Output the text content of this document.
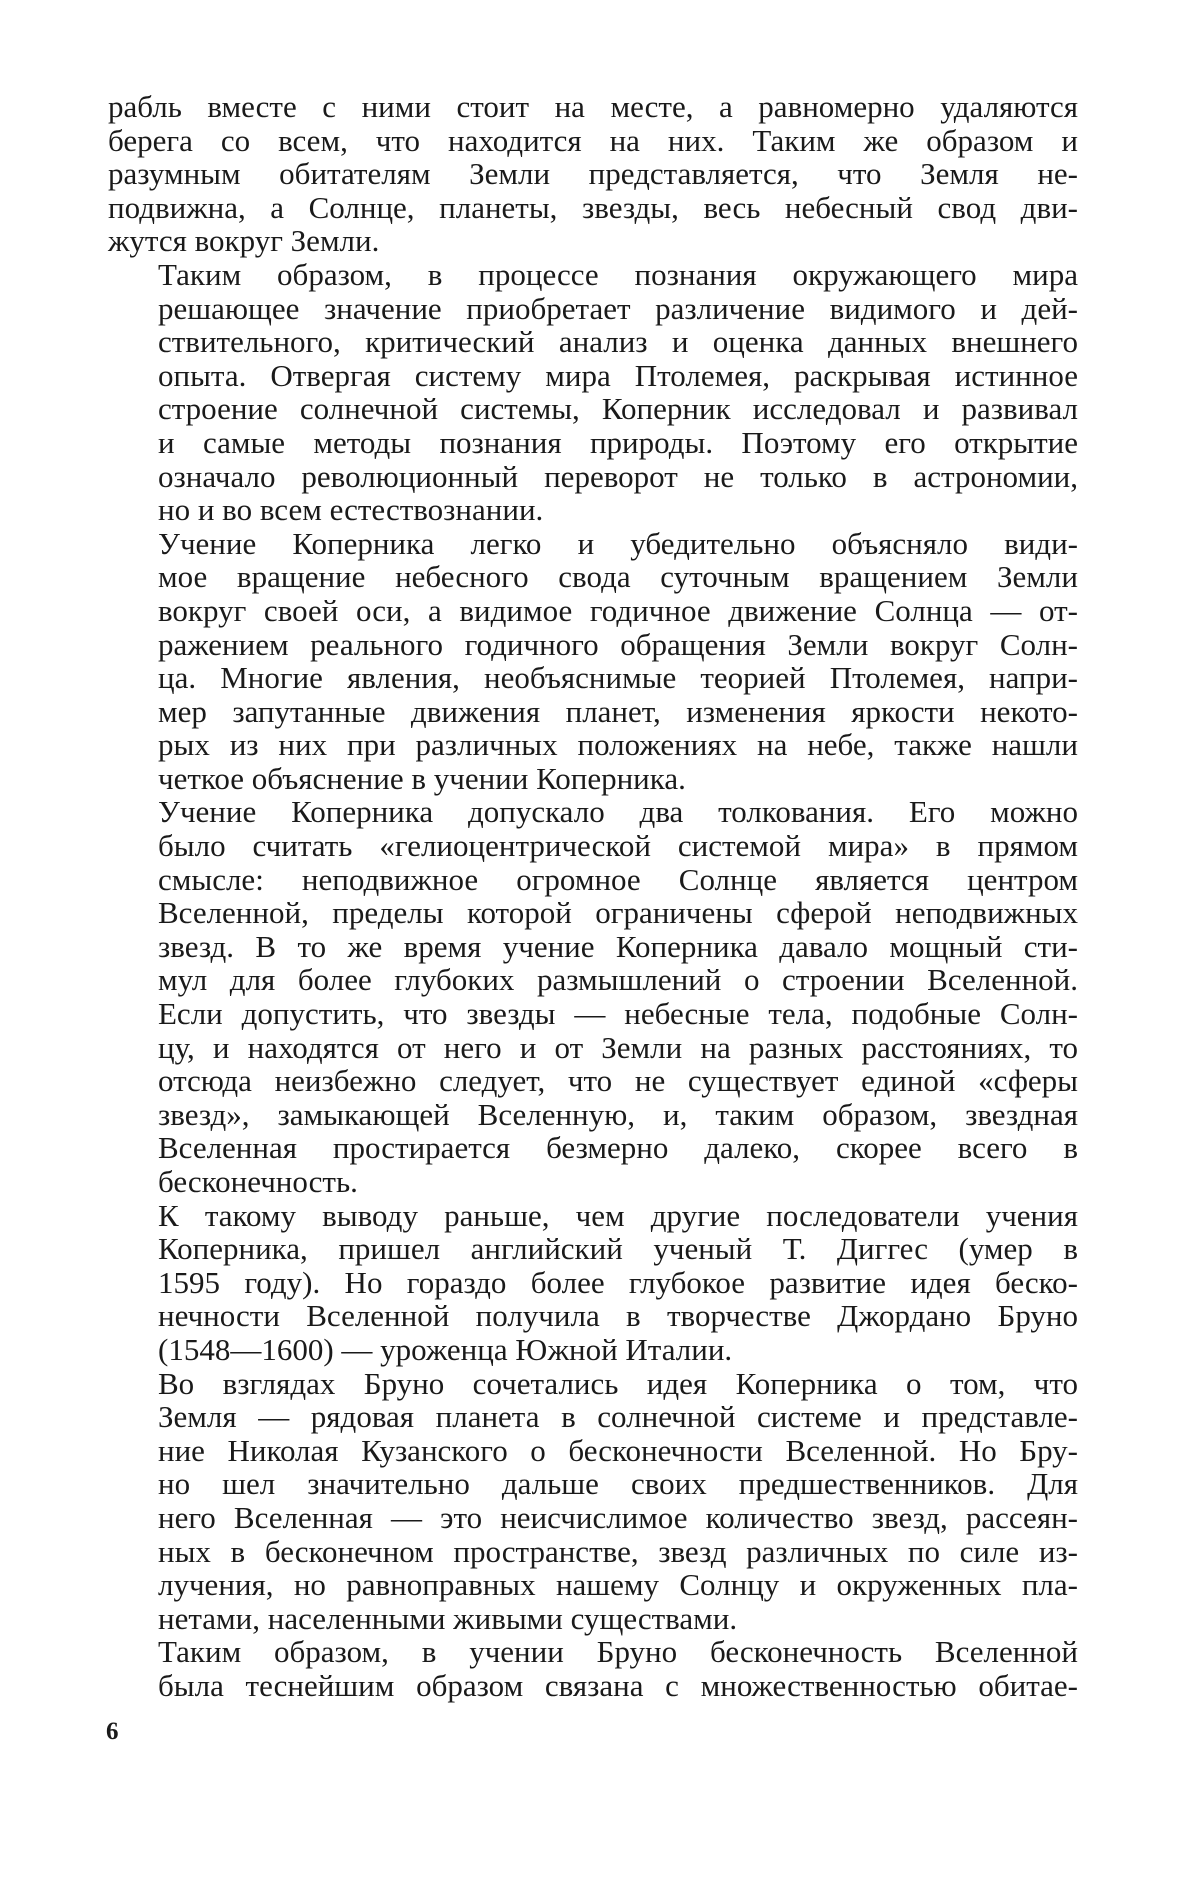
рабль вместе с ними стоит на месте, а равномерно удаляются
берега со всем, что находится на них. Таким же образом и
разумным обитателям Земли представляется, что Земля не-
подвижна, а Солнце, планеты, звезды, весь небесный свод дви-
жутся вокруг Земли.

Таким образом, в процессе познания окружающего мира
решающее значение приобретает различение видимого и дей-
ствительного, критический анализ и оценка данных внешнего
опыта. Отвергая систему мира Птолемея, раскрывая истинное
строение солнечной системы, Коперник исследовал и развивал
и самые методы познания природы. Поэтому его открытие
означало революционный переворот не только в астрономии,
но и во всем естествознании.

Учение Коперника легко и убедительно объясняло види-
мое вращение небесного свода суточным вращением Земли
вокруг своей оси, а видимое годичное движение Солнца — от-
ражением реального годичного обращения Земли вокруг Солн-
ца. Многие явления, необъяснимые теорией Птолемея, напри-
мер запутанные движения планет, изменения яркости некото-
рых из них при различных положениях на небе, также нашли
четкое объяснение в учении Коперника.

Учение Коперника допускало два толкования. Его можно
было считать «гелиоцентрической системой мира» в прямом
смысле: неподвижное огромное Солнце является центром
Вселенной, пределы которой ограничены сферой неподвижных
звезд. В то же время учение Коперника давало мощный сти-
мул для более глубоких размышлений о строении Вселенной.
Если допустить, что звезды — небесные тела, подобные Солн-
цу, и находятся от него и от Земли на разных расстояниях, то
отсюда неизбежно следует, что не существует единой «сферы
звезд», замыкающей Вселенную, и, таким образом, звездная
Вселенная простирается безмерно далеко, скорее всего в
бесконечность.

К такому выводу раньше, чем другие последователи учения
Коперника, пришел английский ученый Т. Диггес (умер в
1595 году). Но гораздо более глубокое развитие идея беско-
нечности Вселенной получила в творчестве Джордано Бруно
(1548—1600) — уроженца Южной Италии.

Во взглядах Бруно сочетались идея Коперника о том, что
Земля — рядовая планета в солнечной системе и представле-
ние Николая Кузанского о бесконечности Вселенной. Но Бру-
но шел значительно дальше своих предшественников. Для
него Вселенная — это неисчислимое количество звезд, рассеян-
ных в бесконечном пространстве, звезд различных по силе из-
лучения, но равноправных нашему Солнцу и окруженных пла-
нетами, населенными живыми существами.

Таким образом, в учении Бруно бесконечность Вселенной
была теснейшим образом связана с множественностью обитае-

6
